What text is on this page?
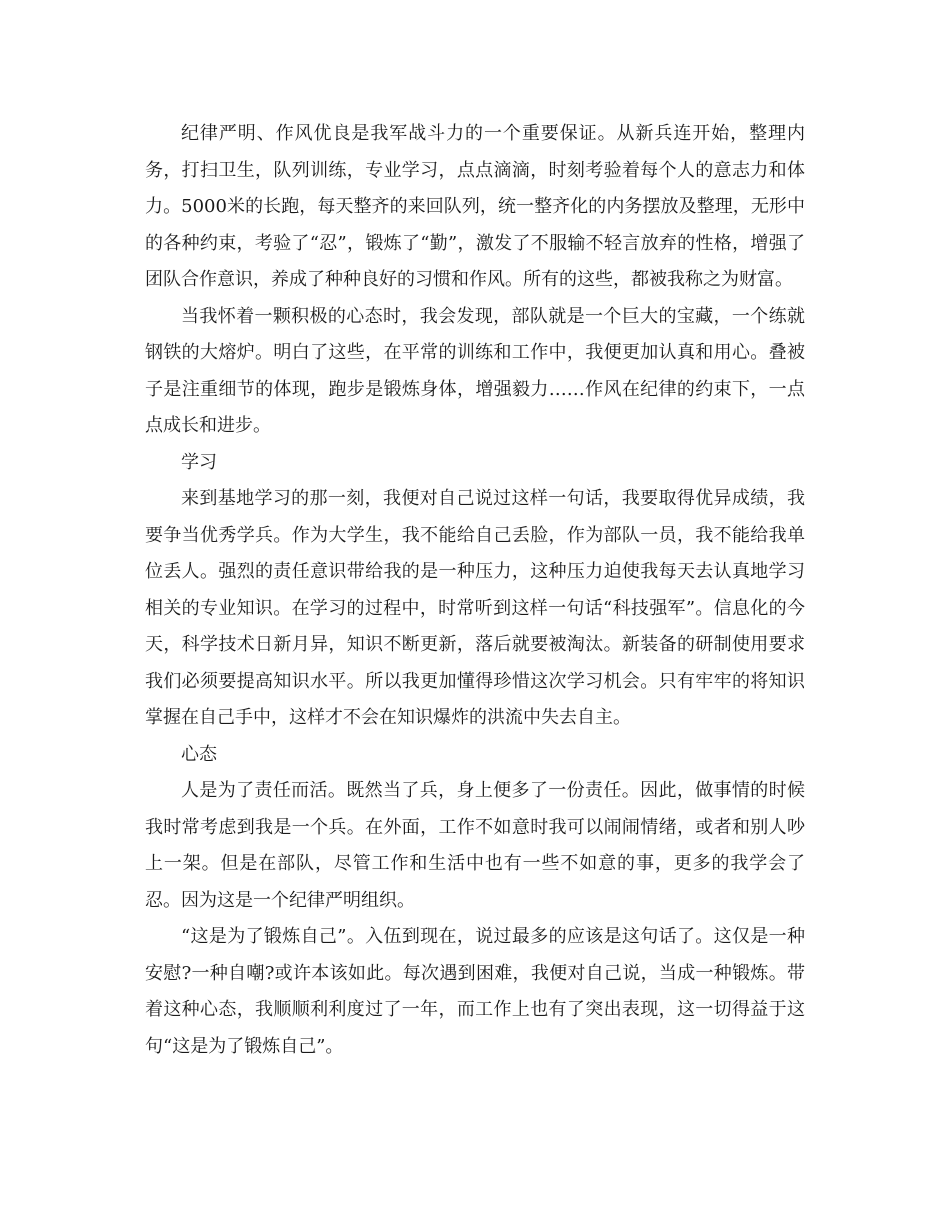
纪律严明、作风优良是我军战斗力的一个重要保证。从新兵连开始，整理内务，打扫卫生，队列训练，专业学习，点点滴滴，时刻考验着每个人的意志力和体力。5000米的长跑，每天整齐的来回队列，统一整齐化的内务摆放及整理，无形中的各种约束，考验了“忍”，锻炼了“勤”，激发了不服输不轻言放弃的性格，增强了团队合作意识，养成了种种良好的习惯和作风。所有的这些，都被我称之为财富。

当我怀着一颗积极的心态时，我会发现，部队就是一个巨大的宝藏，一个练就钢铁的大熔炉。明白了这些，在平常的训练和工作中，我便更加认真和用心。叠被子是注重细节的体现，跑步是锻炼身体，增强毅力……作风在纪律的约束下，一点点成长和进步。

学习

来到基地学习的那一刻，我便对自己说过这样一句话，我要取得优异成绩，我要争当优秀学兵。作为大学生，我不能给自己丢脸，作为部队一员，我不能给我单位丢人。强烈的责任意识带给我的是一种压力，这种压力迫使我每天去认真地学习相关的专业知识。在学习的过程中，时常听到这样一句话“科技强军”。信息化的今天，科学技术日新月异，知识不断更新，落后就要被淘汰。新装备的研制使用要求我们必须要提高知识水平。所以我更加懂得珍惜这次学习机会。只有牢牢的将知识掌握在自己手中，这样才不会在知识爆炸的洪流中失去自主。

心态

人是为了责任而活。既然当了兵，身上便多了一份责任。因此，做事情的时候我时常考虑到我是一个兵。在外面，工作不如意时我可以闹闹情绪，或者和别人吵上一架。但是在部队，尽管工作和生活中也有一些不如意的事，更多的我学会了忍。因为这是一个纪律严明组织。

“这是为了锻炼自己”。入伍到现在，说过最多的应该是这句话了。这仅是一种安慰?一种自嘲?或许本该如此。每次遇到困难，我便对自己说，当成一种锻炼。带着这种心态，我顺顺利利度过了一年，而工作上也有了突出表现，这一切得益于这句“这是为了锻炼自己”。
